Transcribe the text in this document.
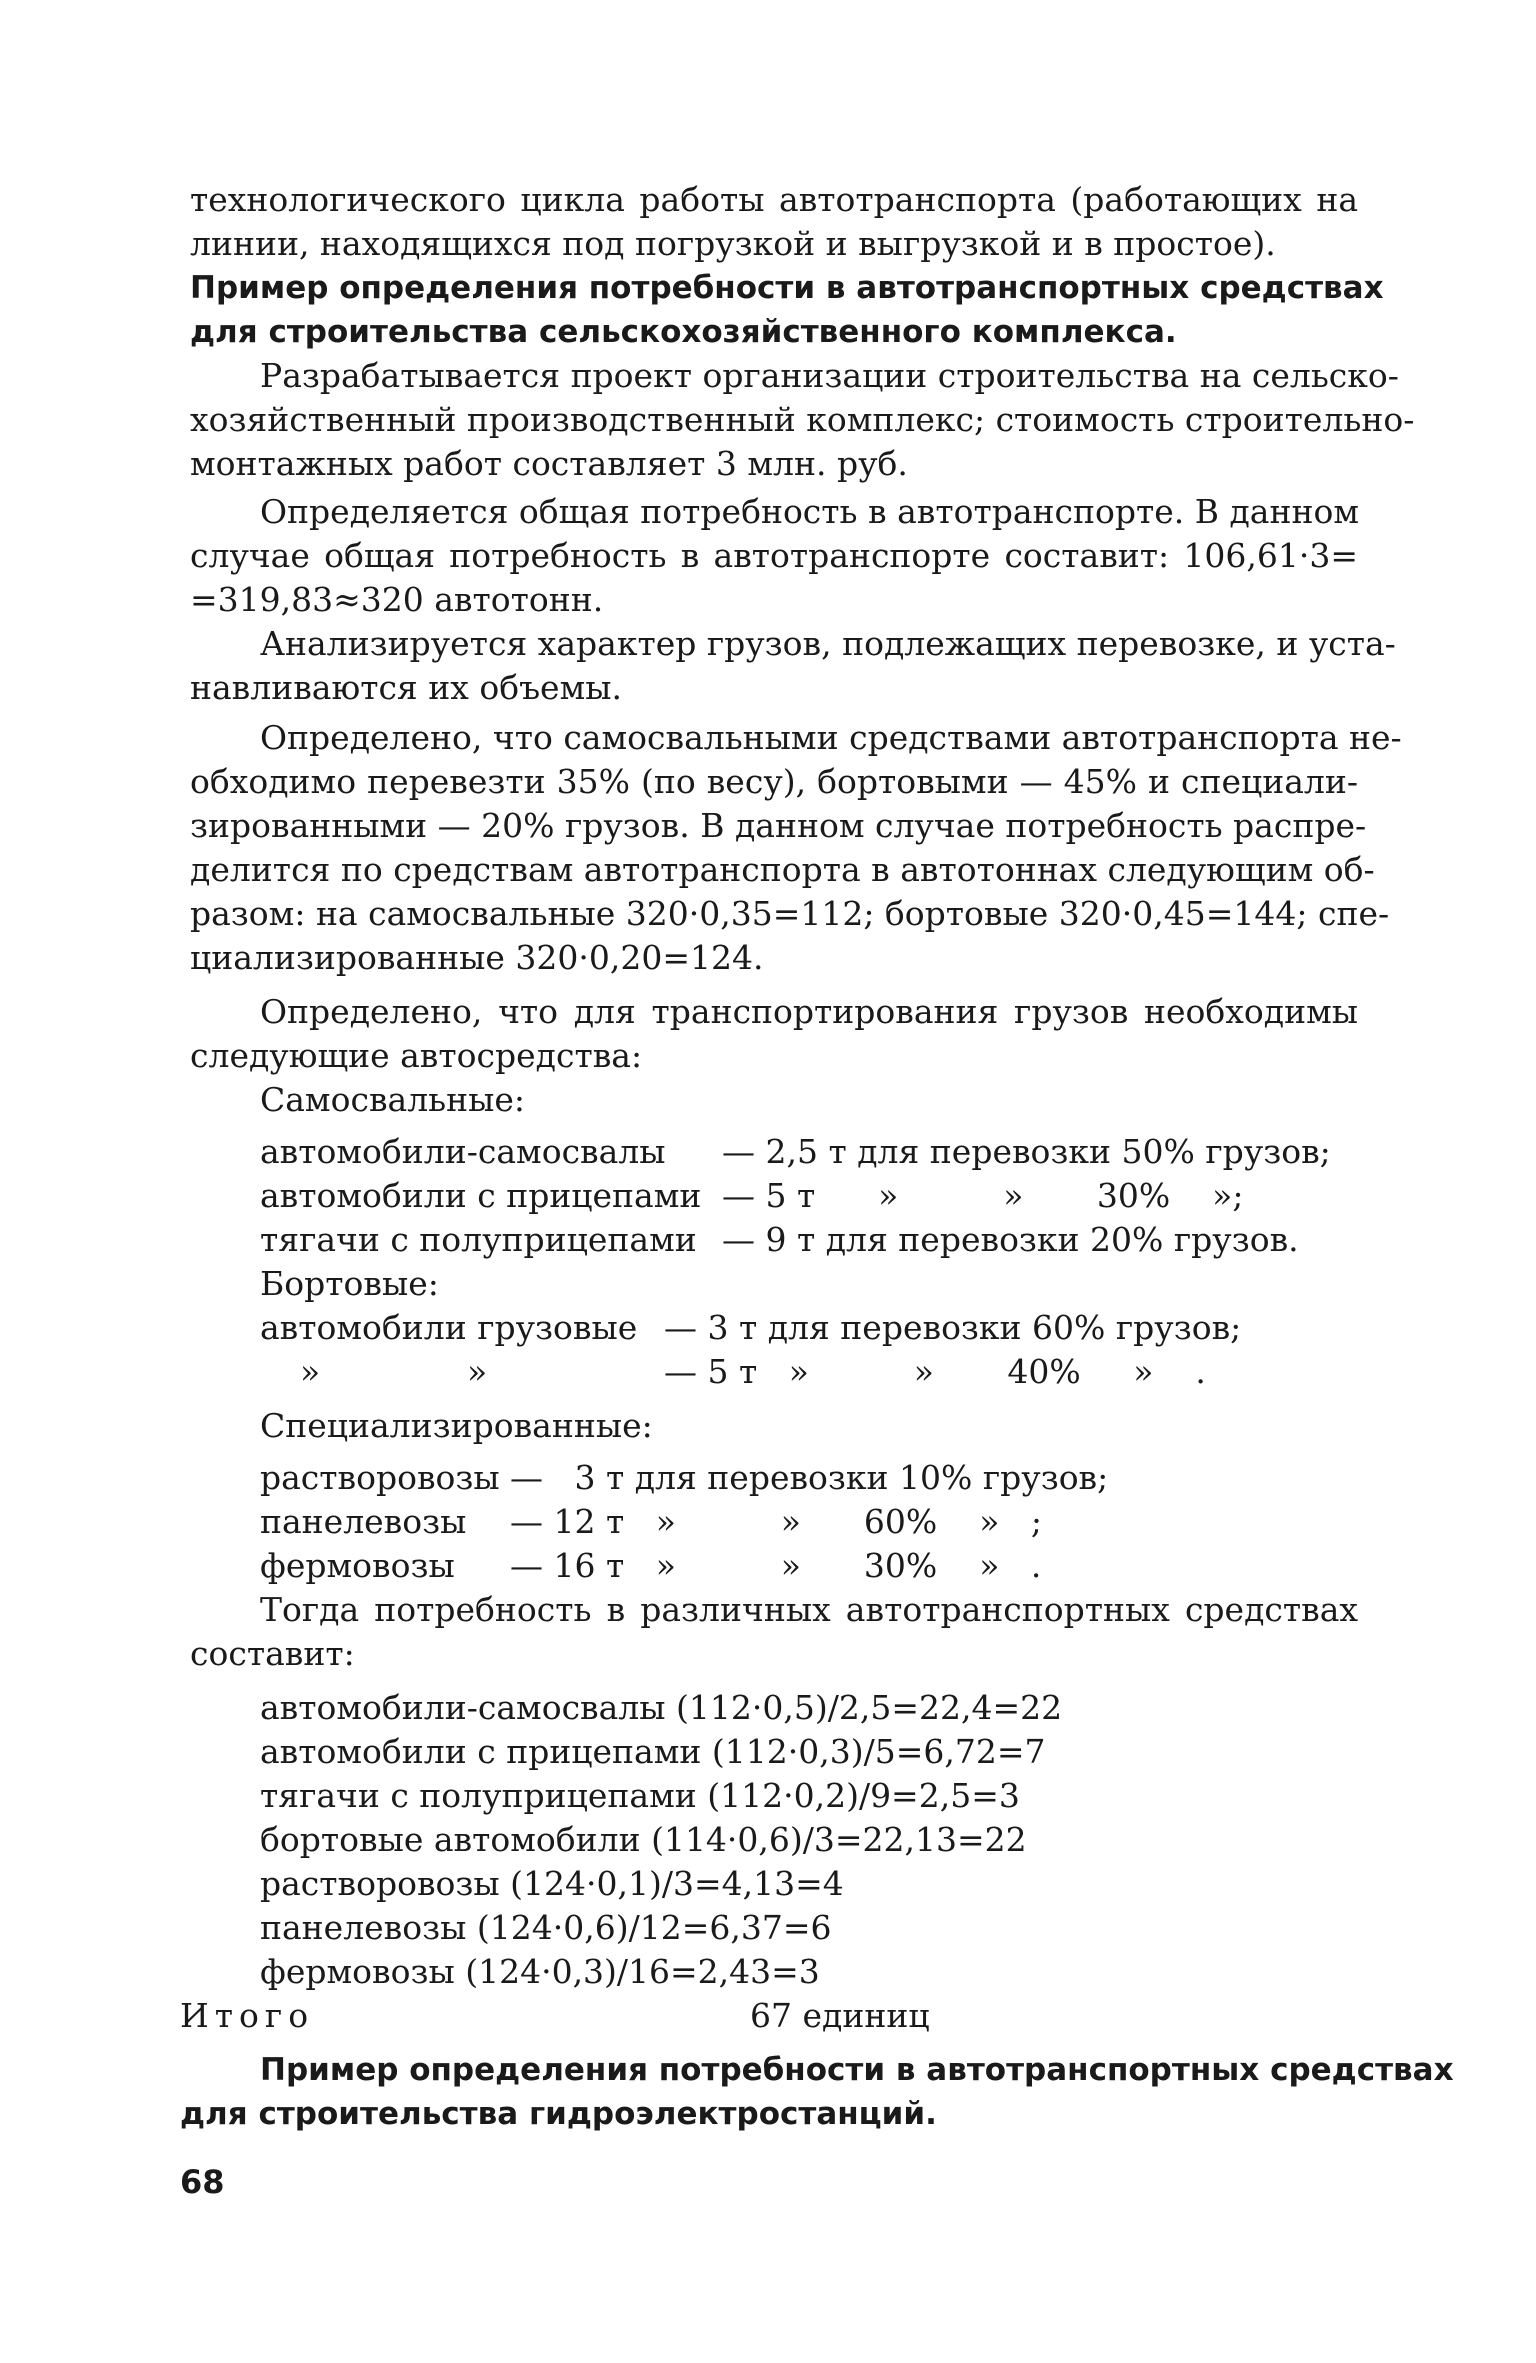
технологического цикла работы автотранспорта (работающих на
линии, находящихся под погрузкой и выгрузкой и в простое).
Пример определения потребности в автотранспортных средствах
для строительства сельскохозяйственного комплекса.
Разрабатывается проект организации строительства на сельско-
хозяйственный производственный комплекс; стоимость строительно-
монтажных работ составляет 3 млн. руб.
Определяется общая потребность в автотранспорте. В данном
случае общая потребность в автотранспорте составит: 106,61·3=
=319,83≈320 автотонн.
Анализируется характер грузов, подлежащих перевозке, и уста-
навливаются их объемы.
Определено, что самосвальными средствами автотранспорта не-
обходимо перевезти 35% (по весу), бортовыми — 45% и специали-
зированными — 20% грузов. В данном случае потребность распре-
делится по средствам автотранспорта в автотоннах следующим об-
разом: на самосвальные 320·0,35=112; бортовые 320·0,45=144; спе-
циализированные 320·0,20=124.
Определено, что для транспортирования грузов необходимы
следующие автосредства:
Самосвальные:
автомобили-самосвалы — 2,5 т для перевозки 50% грузов;
автомобили с прицепами — 5 т      »          »       30%    »;
тягачи с полуприцепами — 9 т для перевозки 20% грузов.
Бортовые:
автомобили грузовые — 3 т для перевозки 60% грузов;
»              »	— 5 т   »          »       40%     »    .
Специализированные:
растворовозы —   3 т для перевозки 10% грузов;
панелевозы — 12 т   »          »      60%    »   ;
фермовозы — 16 т   »          »      30%    »   .
Тогда потребность в различных автотранспортных средствах
составит:
автомобили-самосвалы (112·0,5)/2,5=22,4=22
автомобили с прицепами (112·0,3)/5=6,72=7
тягачи с полуприцепами (112·0,2)/9=2,5=3
бортовые автомобили (114·0,6)/3=22,13=22
растворовозы (124·0,1)/3=4,13=4
панелевозы (124·0,6)/12=6,37=6
фермовозы (124·0,3)/16=2,43=3
Итого	67 единиц
Пример определения потребности в автотранспортных средствах
для строительства гидроэлектростанций.
68
